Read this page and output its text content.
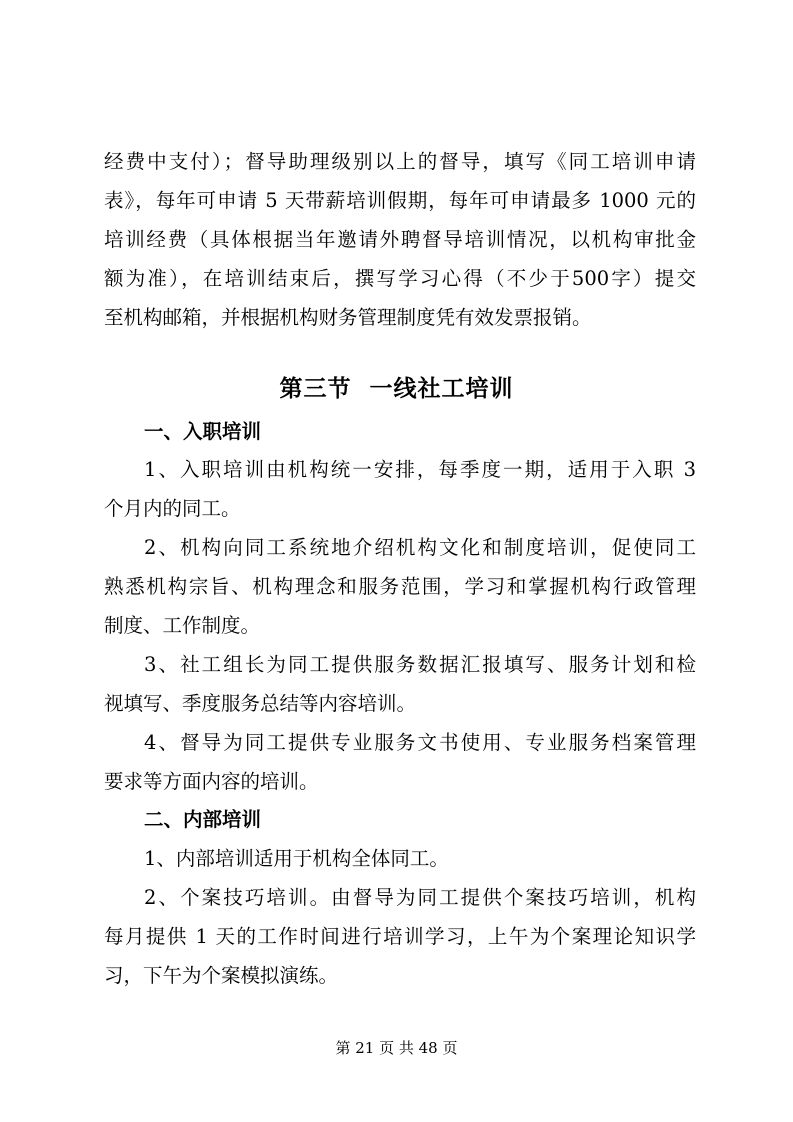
经费中支付）；督导助理级别以上的督导，填写《同工培训申请
表》，每年可申请 5 天带薪培训假期，每年可申请最多 1000 元的
培训经费（具体根据当年邀请外聘督导培训情况，以机构审批金
额为准），在培训结束后，撰写学习心得（不少于500字）提交
至机构邮箱，并根据机构财务管理制度凭有效发票报销。
第三节  一线社工培训
一、入职培训
1、入职培训由机构统一安排，每季度一期，适用于入职 3
个月内的同工。
2、机构向同工系统地介绍机构文化和制度培训，促使同工
熟悉机构宗旨、机构理念和服务范围，学习和掌握机构行政管理
制度、工作制度。
3、社工组长为同工提供服务数据汇报填写、服务计划和检
视填写、季度服务总结等内容培训。
4、督导为同工提供专业服务文书使用、专业服务档案管理
要求等方面内容的培训。
二、内部培训
1、内部培训适用于机构全体同工。
2、个案技巧培训。由督导为同工提供个案技巧培训，机构
每月提供 1 天的工作时间进行培训学习，上午为个案理论知识学
习，下午为个案模拟演练。
第 21 页 共 48 页
